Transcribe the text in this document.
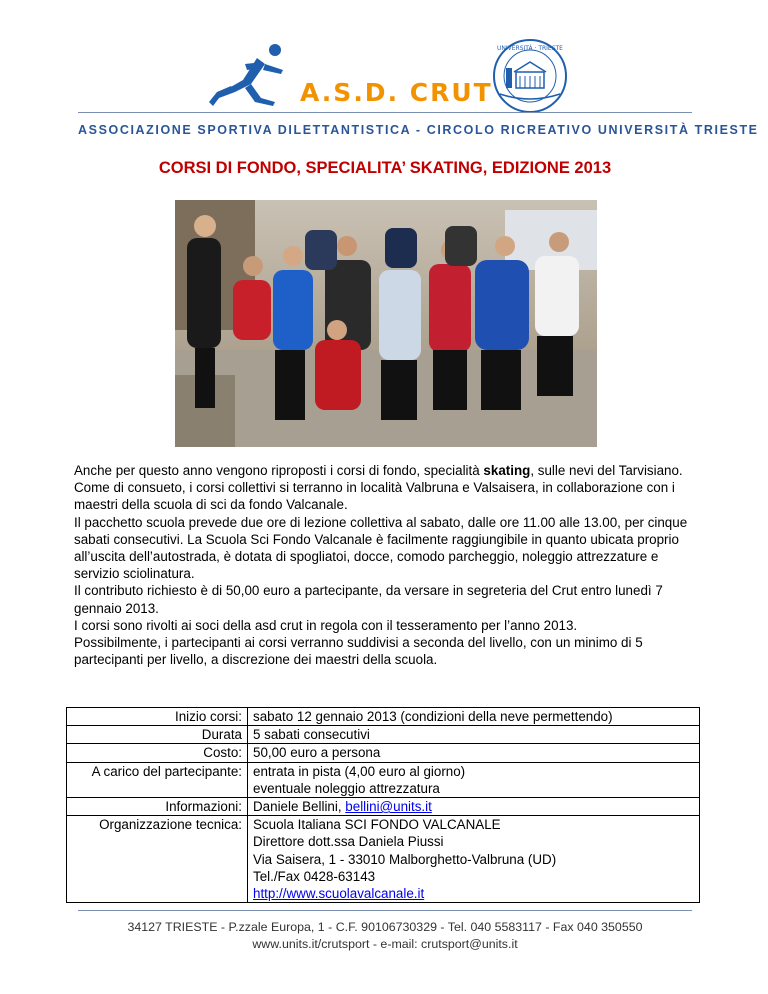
A.S.D. CRUT
UNIVERSITÀ · TRIESTE
ASSOCIAZIONE SPORTIVA DILETTANTISTICA - CIRCOLO RICREATIVO UNIVERSITÀ TRIESTE
CORSI DI FONDO, SPECIALITA’ SKATING, EDIZIONE 2013

Anche per questo anno vengono riproposti i corsi di fondo, specialità skating, sulle nevi del Tarvisiano.

Come di consueto, i corsi collettivi si terranno in località Valbruna e Valsaisera, in collaborazione con i maestri della scuola di sci da fondo Valcanale.

Il pacchetto scuola prevede due ore di lezione collettiva al sabato, dalle ore 11.00 alle 13.00, per cinque sabati consecutivi. La Scuola Sci Fondo Valcanale è facilmente raggiungibile in quanto ubicata proprio all’uscita dell’autostrada, è dotata di spogliatoi, docce, comodo parcheggio, noleggio attrezzature e servizio sciolinatura.

Il contributo richiesto è di 50,00 euro a partecipante, da versare in segreteria del Crut entro lunedì 7 gennaio 2013.

I corsi sono rivolti ai soci della asd crut in regola con il tesseramento per l’anno 2013.

Possibilmente, i partecipanti ai corsi verranno suddivisi a seconda del livello, con un minimo di 5 partecipanti per livello, a discrezione dei maestri della scuola.

Inizio corsi:	sabato 12 gennaio 2013 (condizioni della neve permettendo)
Durata	5 sabati consecutivi
Costo:	50,00 euro a persona
A carico del partecipante:	entrata in pista (4,00 euro al giorno)
eventuale noleggio attrezzatura

Informazioni:	Daniele Bellini, bellini@units.it
Organizzazione tecnica:	Scuola Italiana SCI FONDO VALCANALE
Direttore dott.ssa Daniela Piussi
Via Saisera, 1 - 33010 Malborghetto-Valbruna (UD)
Tel./Fax 0428-63143
http://www.scuolavalcanale.it
34127 TRIESTE - P.zzale Europa, 1 - C.F. 90106730329 - Tel. 040 5583117 - Fax 040 350550
www.units.it/crutsport - e-mail: crutsport@units.it
